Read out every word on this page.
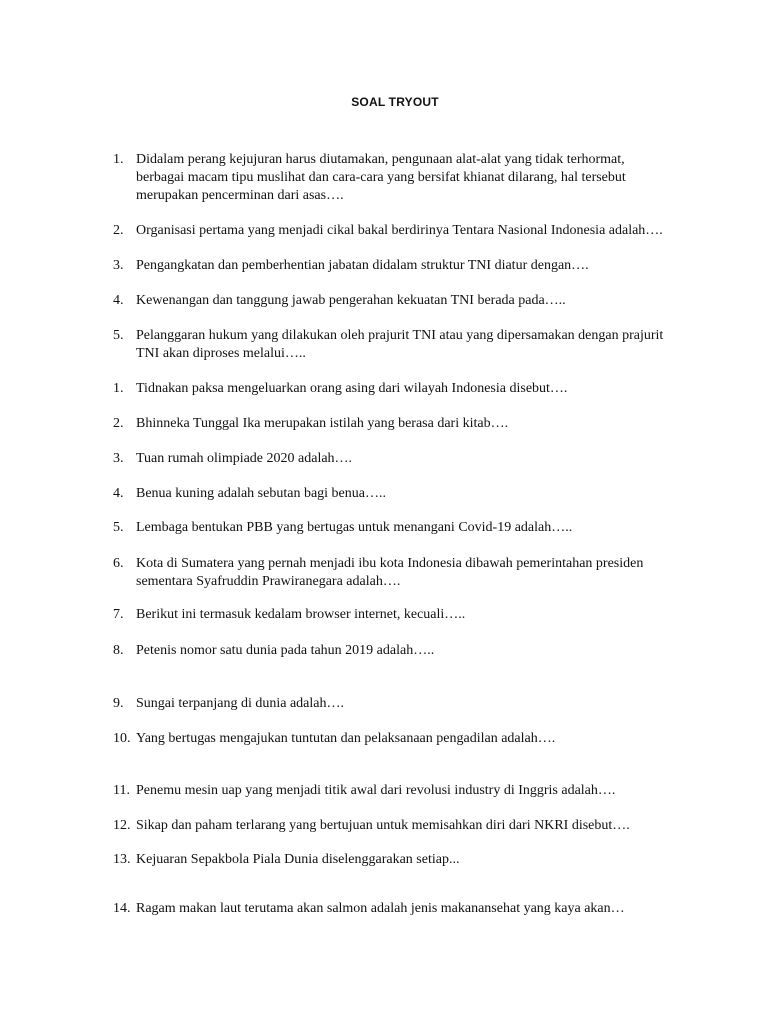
SOAL TRYOUT
1. Didalam perang kejujuran harus diutamakan, pengunaan alat-alat yang tidak terhormat, berbagai macam tipu muslihat dan cara-cara yang bersifat khianat dilarang, hal tersebut merupakan pencerminan dari asas….
2. Organisasi pertama yang menjadi cikal bakal berdirinya Tentara Nasional Indonesia adalah….
3. Pengangkatan dan pemberhentian jabatan didalam struktur TNI diatur dengan….
4. Kewenangan dan tanggung jawab pengerahan kekuatan TNI berada pada…..
5. Pelanggaran hukum yang dilakukan oleh prajurit TNI atau yang dipersamakan dengan prajurit TNI akan diproses melalui…..
1. Tidnakan paksa mengeluarkan orang asing dari wilayah Indonesia disebut….
2. Bhinneka Tunggal Ika merupakan istilah yang berasa dari kitab….
3. Tuan rumah olimpiade 2020 adalah….
4. Benua kuning adalah sebutan bagi benua…..
5. Lembaga bentukan PBB yang bertugas untuk menangani Covid-19 adalah…..
6. Kota di Sumatera yang pernah menjadi ibu kota Indonesia dibawah pemerintahan presiden sementara Syafruddin Prawiranegara adalah….
7. Berikut ini termasuk kedalam browser internet, kecuali…..
8. Petenis nomor satu dunia pada tahun 2019 adalah…..
9. Sungai terpanjang di dunia adalah….
10. Yang bertugas mengajukan tuntutan dan pelaksanaan pengadilan adalah….
11. Penemu mesin uap yang menjadi titik awal dari revolusi industry di Inggris adalah….
12. Sikap dan paham terlarang yang bertujuan untuk memisahkan diri dari NKRI disebut….
13. Kejuaran Sepakbola Piala Dunia diselenggarakan setiap...
14. Ragam makan laut terutama akan salmon adalah jenis makanansehat yang kaya akan…
